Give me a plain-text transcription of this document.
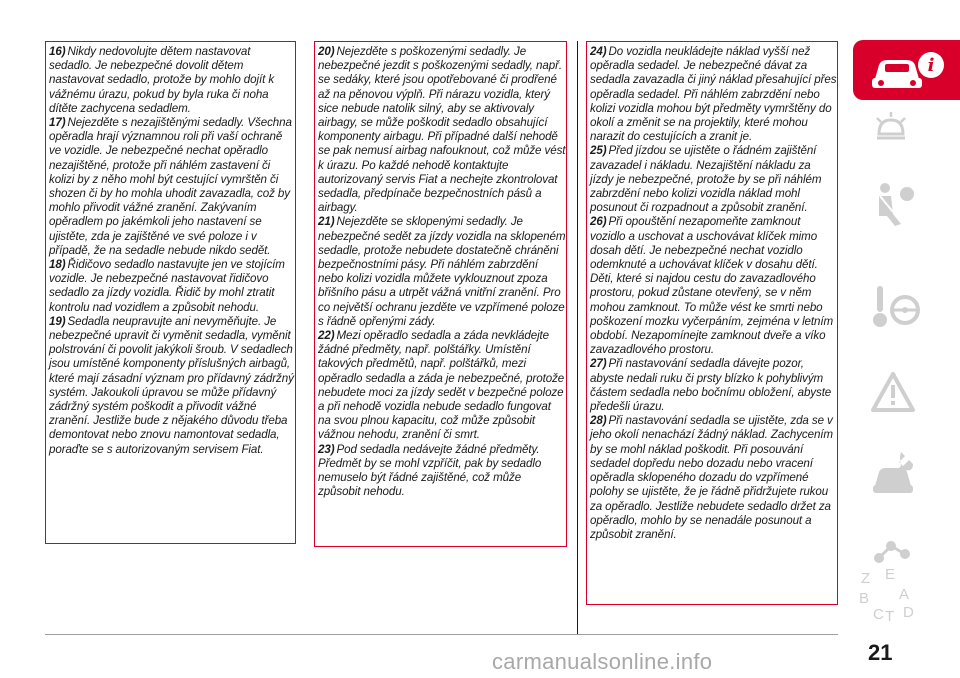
16) Nikdy nedovolujte dětem nastavovat sedadlo. Je nebezpečné dovolit dětem nastavovat sedadlo, protože by mohlo dojít k vážnému úrazu, pokud by byla ruka či noha dítěte zachycena sedadlem.

17) Nejezděte s nezajištěnými sedadly. Všechna opěradla hrají významnou roli při vaší ochraně ve vozidle. Je nebezpečné nechat opěradlo nezajištěné, protože při náhlém zastavení či kolizi by z něho mohl být cestující vymrštěn či shozen či by ho mohla uhodit zavazadla, což by mohlo přivodit vážné zranění. Zakývaním opěradlem po jakémkoli jeho nastavení se ujistěte, zda je zajištěné ve své poloze i v případě, že na sedadle nebude nikdo sedět.

18) Řidičovo sedadlo nastavujte jen ve stojícím vozidle. Je nebezpečné nastavovat řidičovo sedadlo za jízdy vozidla. Řidič by mohl ztratit kontrolu nad vozidlem a způsobit nehodu.

19) Sedadla neupravujte ani nevyměňujte. Je nebezpečné upravit či vyměnit sedadla, vyměnit polstrování či povolit jakýkoli šroub. V sedadlech jsou umístěné komponenty příslušných airbagů, které mají zásadní význam pro přídavný zádržný systém. Jakoukoli úpravou se může přídavný zádržný systém poškodit a přivodit vážné zranění. Jestliže bude z nějakého důvodu třeba demontovat nebo znovu namontovat sedadla, poraďte se s autorizovaným servisem Fiat.

20) Nejezděte s poškozenými sedadly. Je nebezpečné jezdit s poškozenými sedadly, např. se sedáky, které jsou opotřebované či prodřené až na pěnovou výplň. Při nárazu vozidla, který sice nebude natolik silný, aby se aktivovaly airbagy, se může poškodit sedadlo obsahující komponenty airbagu. Při případné další nehodě se pak nemusí airbag nafouknout, což může vést k úrazu. Po každé nehodě kontaktujte autorizovaný servis Fiat a nechejte zkontrolovat sedadla, předpínače bezpečnostních pásů a airbagy.

21) Nejezděte se sklopenými sedadly. Je nebezpečné sedět za jízdy vozidla na sklopeném sedadle, protože nebudete dostatečně chráněni bezpečnostními pásy. Při náhlém zabrzdění nebo kolizi vozidla můžete vyklouznout zpoza břišního pásu a utrpět vážná vnitřní zranění. Pro co největší ochranu jezděte ve vzpřímené poloze s řádně opřenými zády.

22) Mezi opěradlo sedadla a záda nevkládejte žádné předměty, např. polštářky. Umístění takových předmětů, např. polštářků, mezi opěradlo sedadla a záda je nebezpečné, protože nebudete moci za jízdy sedět v bezpečné poloze a při nehodě vozidla nebude sedadlo fungovat na svou plnou kapacitu, což může způsobit vážnou nehodu, zranění či smrt.

23) Pod sedadla nedávejte žádné předměty. Předmět by se mohl vzpříčit, pak by sedadlo nemuselo být řádné zajištěné, což může způsobit nehodu.

24) Do vozidla neukládejte náklad vyšší než opěradla sedadel. Je nebezpečné dávat za sedadla zavazadla či jiný náklad přesahující přes opěradla sedadel. Při náhlém zabrzdění nebo kolizi vozidla mohou být předměty vymrštěny do okolí a změnit se na projektily, které mohou narazit do cestujících a zranit je.

25) Před jízdou se ujistěte o řádném zajištění zavazadel i nákladu. Nezajištění nákladu za jízdy je nebezpečné, protože by se při náhlém zabrzdění nebo kolizi vozidla náklad mohl posunout či rozpadnout a způsobit zranění.

26) Při opouštění nezapomeňte zamknout vozidlo a uschovat a uschovávat klíček mimo dosah dětí. Je nebezpečné nechat vozidlo odemknuté a uchovávat klíček v dosahu dětí. Děti, které si najdou cestu do zavazadlového prostoru, pokud zůstane otevřený, se v něm mohou zamknout. To může vést ke smrti nebo poškození mozku vyčerpáním, zejména v letním období. Nezapomínejte zamknout dveře a víko zavazadlového prostoru.

27) Při nastavování sedadla dávejte pozor, abyste nedali ruku či prsty blízko k pohyblivým částem sedadla nebo bočnímu obložení, abyste předešli úrazu.

28) Při nastavování sedadla se ujistěte, zda se v jeho okolí nenachází žádný náklad. Zachycením by se mohl náklad poškodit. Při posouvání sedadel dopředu nebo dozadu nebo vracení opěradla sklopeného dozadu do vzpřímené polohy se ujistěte, že je řádně přidržujete rukou za opěradlo. Jestliže nebudete sedadlo držet za opěradlo, mohlo by se nenadále posunout a způsobit zranění.

i
Z E
B A
C T D
carmanualsonline.info	21
